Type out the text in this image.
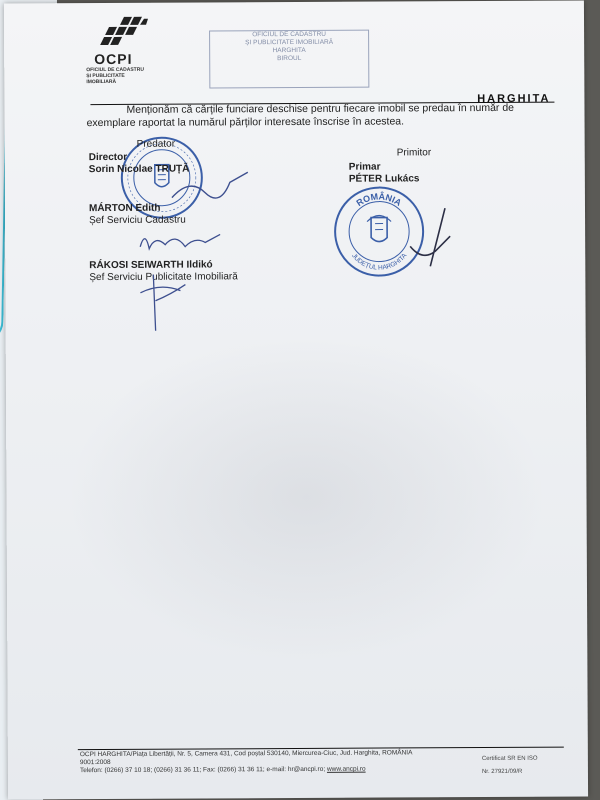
OCPI
OFICIUL DE CADASTRU
ȘI PUBLICITATE
IMOBILIARĂ
OFICIUL DE CADASTRU
ȘI PUBLICITATE IMOBILIARĂ
HARGHITA
BIROUL
HARGHITA
Menționăm că cărțile funciare deschise pentru fiecare imobil se predau în număr de exemplare raportat la numărul părților interesate înscrise în acestea.
Predator
Director
Sorin Nicolae TRUȚĂ
MÁRTON Edith
Șef Serviciu Cadastru
RÁKOSI SEIWARTH Ildikó
Șef Serviciu Publicitate Imobiliară
Primitor
Primar
PÉTER Lukács
ROMÂNIA
JUDEȚUL HARGHITA
OCPI HARGHITA/Piața Libertății, Nr. 5, Camera 431, Cod poștal 530140, Miercurea-Ciuc, Jud. Harghita, ROMÂNIA
9001:2008
Telefon: (0266) 37 10 18; (0266) 31 36 11; Fax: (0266) 31 36 11; e-mail: hr@ancpi.ro; www.ancpi.ro
Certificat SR EN ISO
Nr. 27921/09/R
